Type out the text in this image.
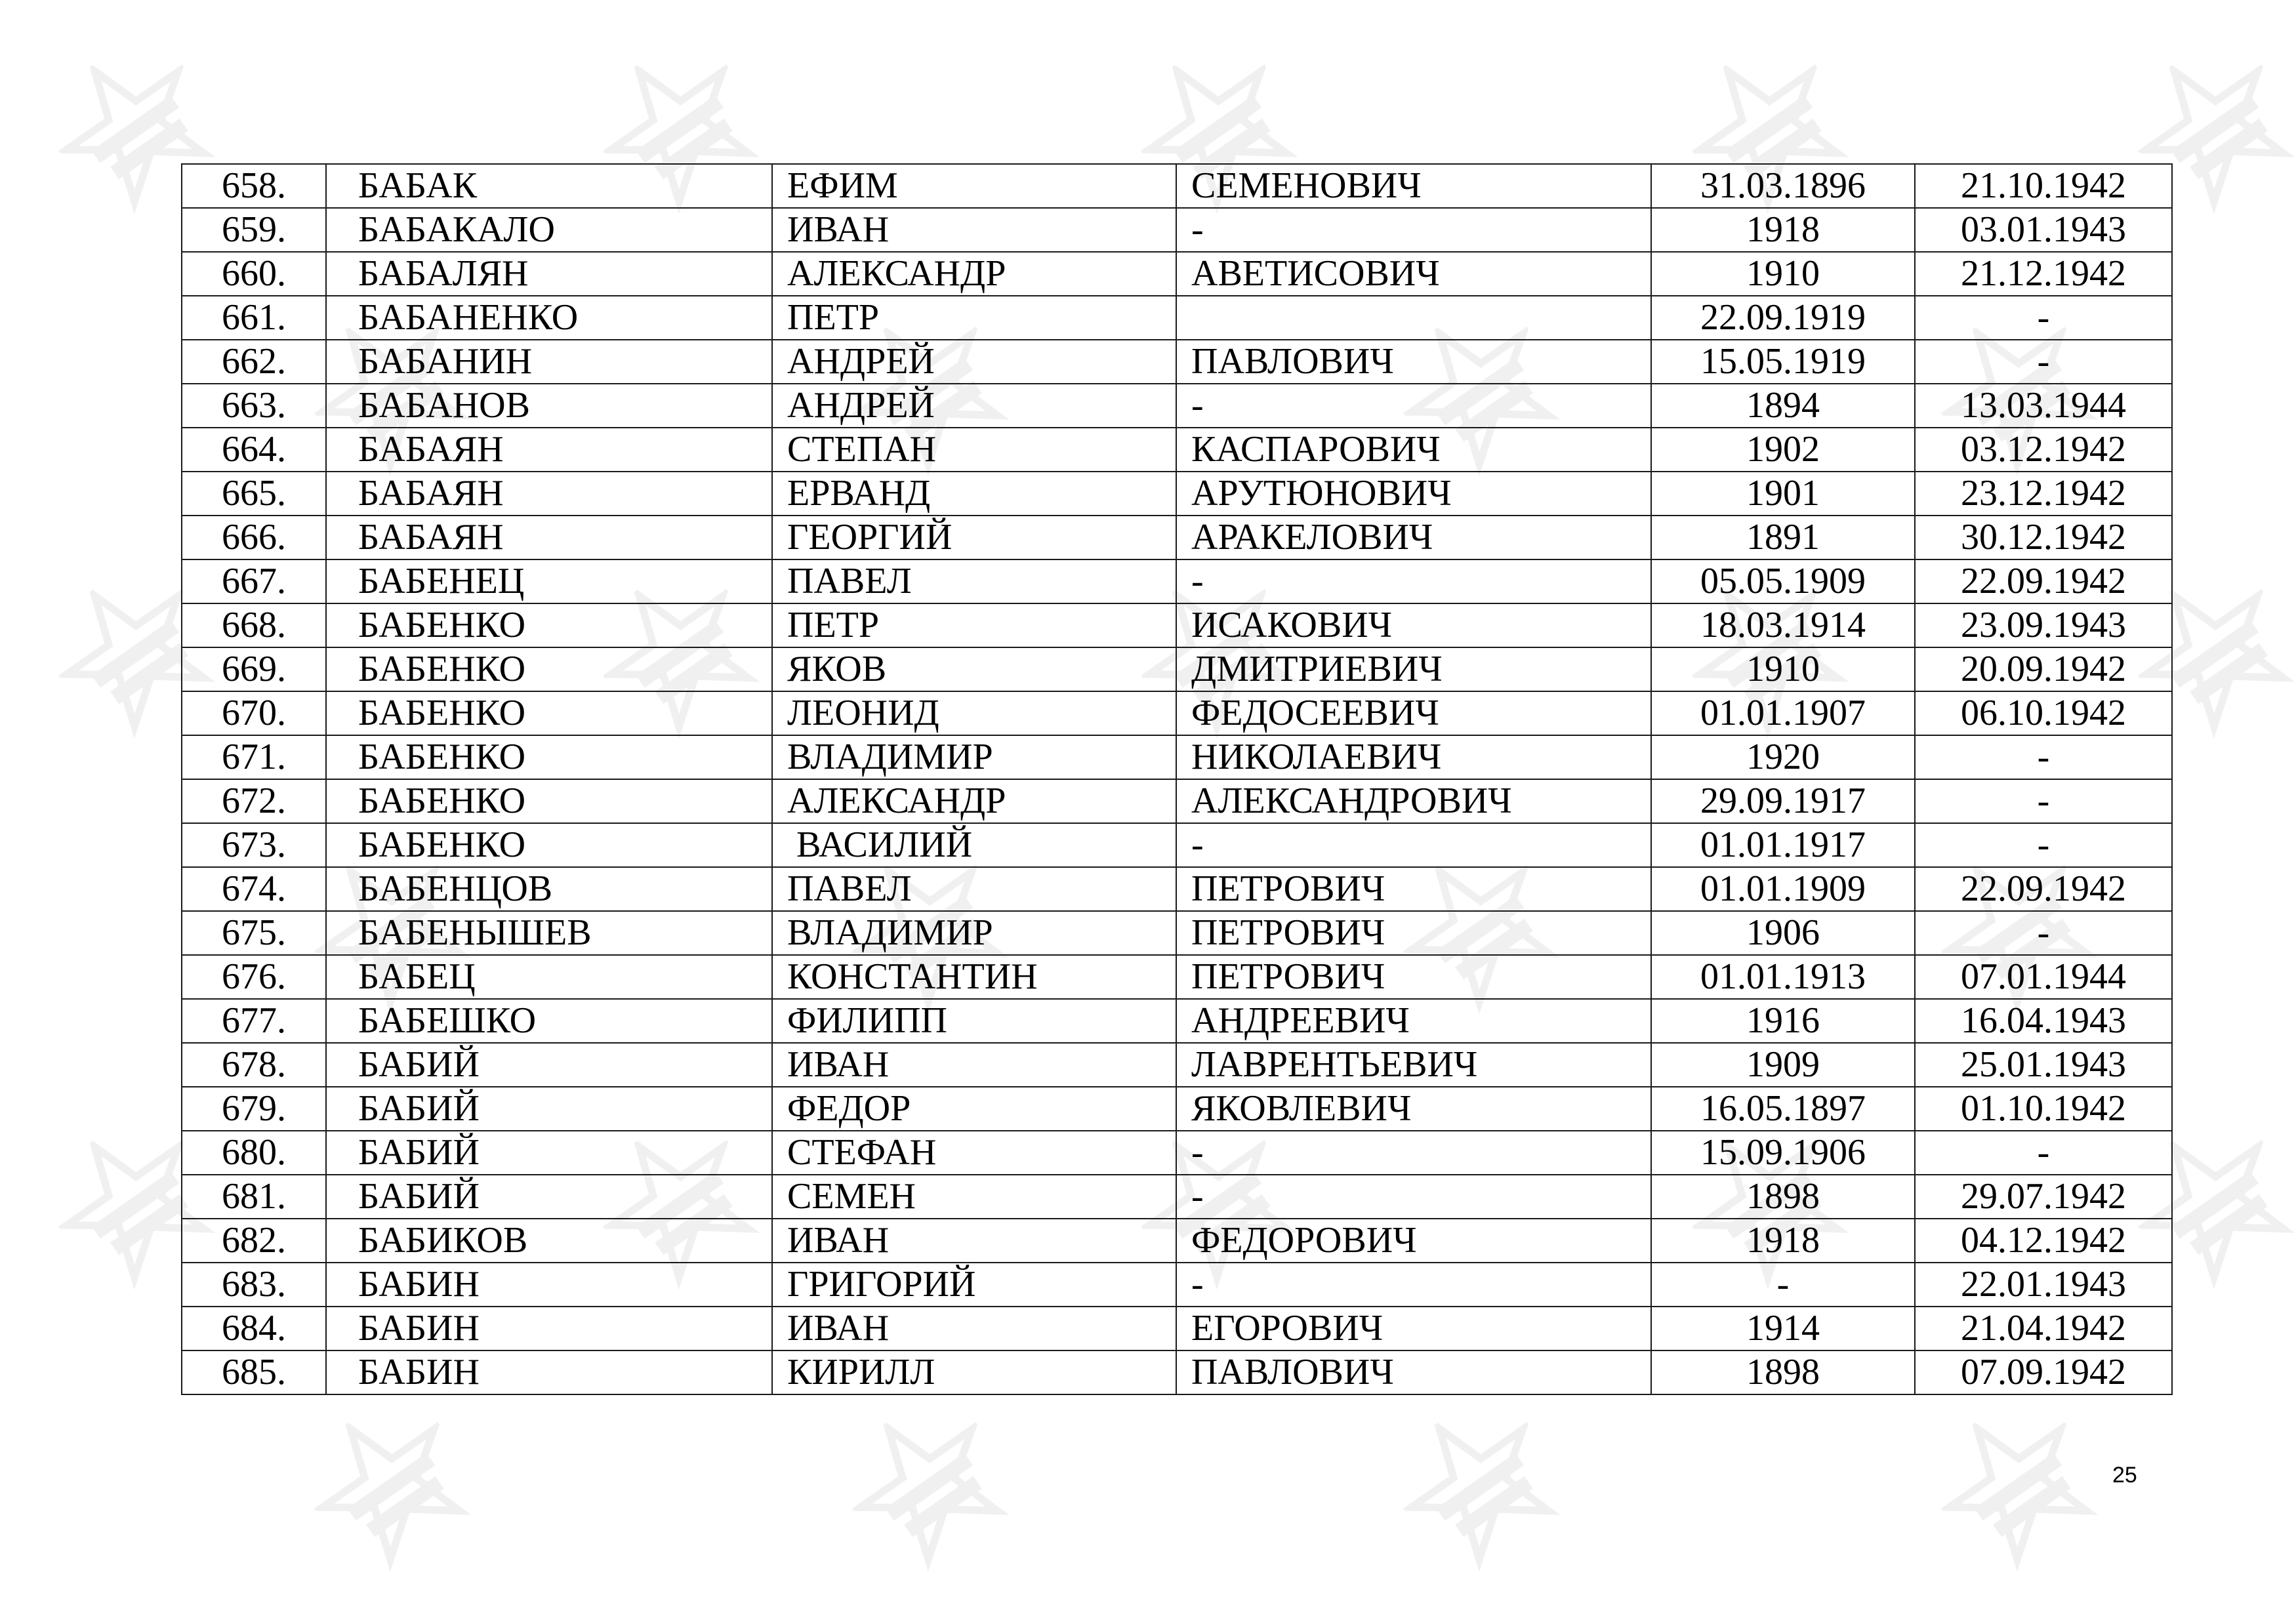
658.	БАБАК	ЕФИМ	СЕМЕНОВИЧ	31.03.1896	21.10.1942
659.	БАБАКАЛО	ИВАН	-	1918	03.01.1943
660.	БАБАЛЯН	АЛЕКСАНДР	АВЕТИСОВИЧ	1910	21.12.1942
661.	БАБАНЕНКО	ПЕТР		22.09.1919	-
662.	БАБАНИН	АНДРЕЙ	ПАВЛОВИЧ	15.05.1919	-
663.	БАБАНОВ	АНДРЕЙ	-	1894	13.03.1944
664.	БАБАЯН	СТЕПАН	КАСПАРОВИЧ	1902	03.12.1942
665.	БАБАЯН	ЕРВАНД	АРУТЮНОВИЧ	1901	23.12.1942
666.	БАБАЯН	ГЕОРГИЙ	АРАКЕЛОВИЧ	1891	30.12.1942
667.	БАБЕНЕЦ	ПАВЕЛ	-	05.05.1909	22.09.1942
668.	БАБЕНКО	ПЕТР	ИСАКОВИЧ	18.03.1914	23.09.1943
669.	БАБЕНКО	ЯКОВ	ДМИТРИЕВИЧ	1910	20.09.1942
670.	БАБЕНКО	ЛЕОНИД	ФЕДОСЕЕВИЧ	01.01.1907	06.10.1942
671.	БАБЕНКО	ВЛАДИМИР	НИКОЛАЕВИЧ	1920	-
672.	БАБЕНКО	АЛЕКСАНДР	АЛЕКСАНДРОВИЧ	29.09.1917	-
673.	БАБЕНКО	ВАСИЛИЙ	-	01.01.1917	-
674.	БАБЕНЦОВ	ПАВЕЛ	ПЕТРОВИЧ	01.01.1909	22.09.1942
675.	БАБЕНЫШЕВ	ВЛАДИМИР	ПЕТРОВИЧ	1906	-
676.	БАБЕЦ	КОНСТАНТИН	ПЕТРОВИЧ	01.01.1913	07.01.1944
677.	БАБЕШКО	ФИЛИПП	АНДРЕЕВИЧ	1916	16.04.1943
678.	БАБИЙ	ИВАН	ЛАВРЕНТЬЕВИЧ	1909	25.01.1943
679.	БАБИЙ	ФЕДОР	ЯКОВЛЕВИЧ	16.05.1897	01.10.1942
680.	БАБИЙ	СТЕФАН	-	15.09.1906	-
681.	БАБИЙ	СЕМЕН	-	1898	29.07.1942
682.	БАБИКОВ	ИВАН	ФЕДОРОВИЧ	1918	04.12.1942
683.	БАБИН	ГРИГОРИЙ	-	-	22.01.1943
684.	БАБИН	ИВАН	ЕГОРОВИЧ	1914	21.04.1942
685.	БАБИН	КИРИЛЛ	ПАВЛОВИЧ	1898	07.09.1942
25
